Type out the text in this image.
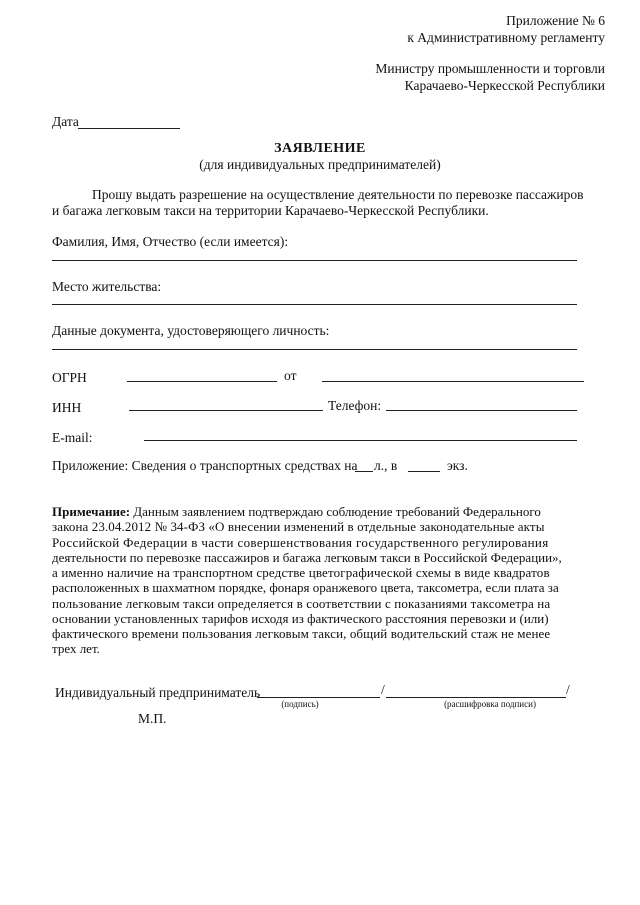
Приложение № 6
к Административному регламенту
Министру промышленности и торговли
Карачаево-Черкесской Республики
Дата
ЗАЯВЛЕНИЕ
(для индивидуальных предпринимателей)
Прошу выдать разрешение на осуществление деятельности по перевозке пассажиров
и багажа легковым такси на территории Карачаево-Черкесской Республики.
Фамилия, Имя, Отчество (если имеется):
Место жительства:
Данные документа, удостоверяющего личность:
ОГРН	от
ИНН	Телефон:
E-mail:
Приложение: Сведения о транспортных средствах на л., в	экз.
Примечание: Данным заявлением подтверждаю соблюдение требований Федерального
закона 23.04.2012 № 34-ФЗ «О внесении изменений в отдельные законодательные акты
Российской Федерации в части совершенствования государственного регулирования
деятельности по перевозке пассажиров и багажа легковым такси в Российской Федерации»,
а именно наличие на транспортном средстве цветографической схемы в виде квадратов
расположенных в шахматном порядке, фонаря оранжевого цвета, таксометра, если плата за
пользование легковым такси определяется в соответствии с показаниями таксометра на
основании установленных тарифов исходя из фактического расстояния перевозки и (или)
фактического времени пользования легковым такси, общий водительский стаж не менее
трех лет.
Индивидуальный предприниматель	/	/
(подпись)	(расшифровка подписи)
М.П.
